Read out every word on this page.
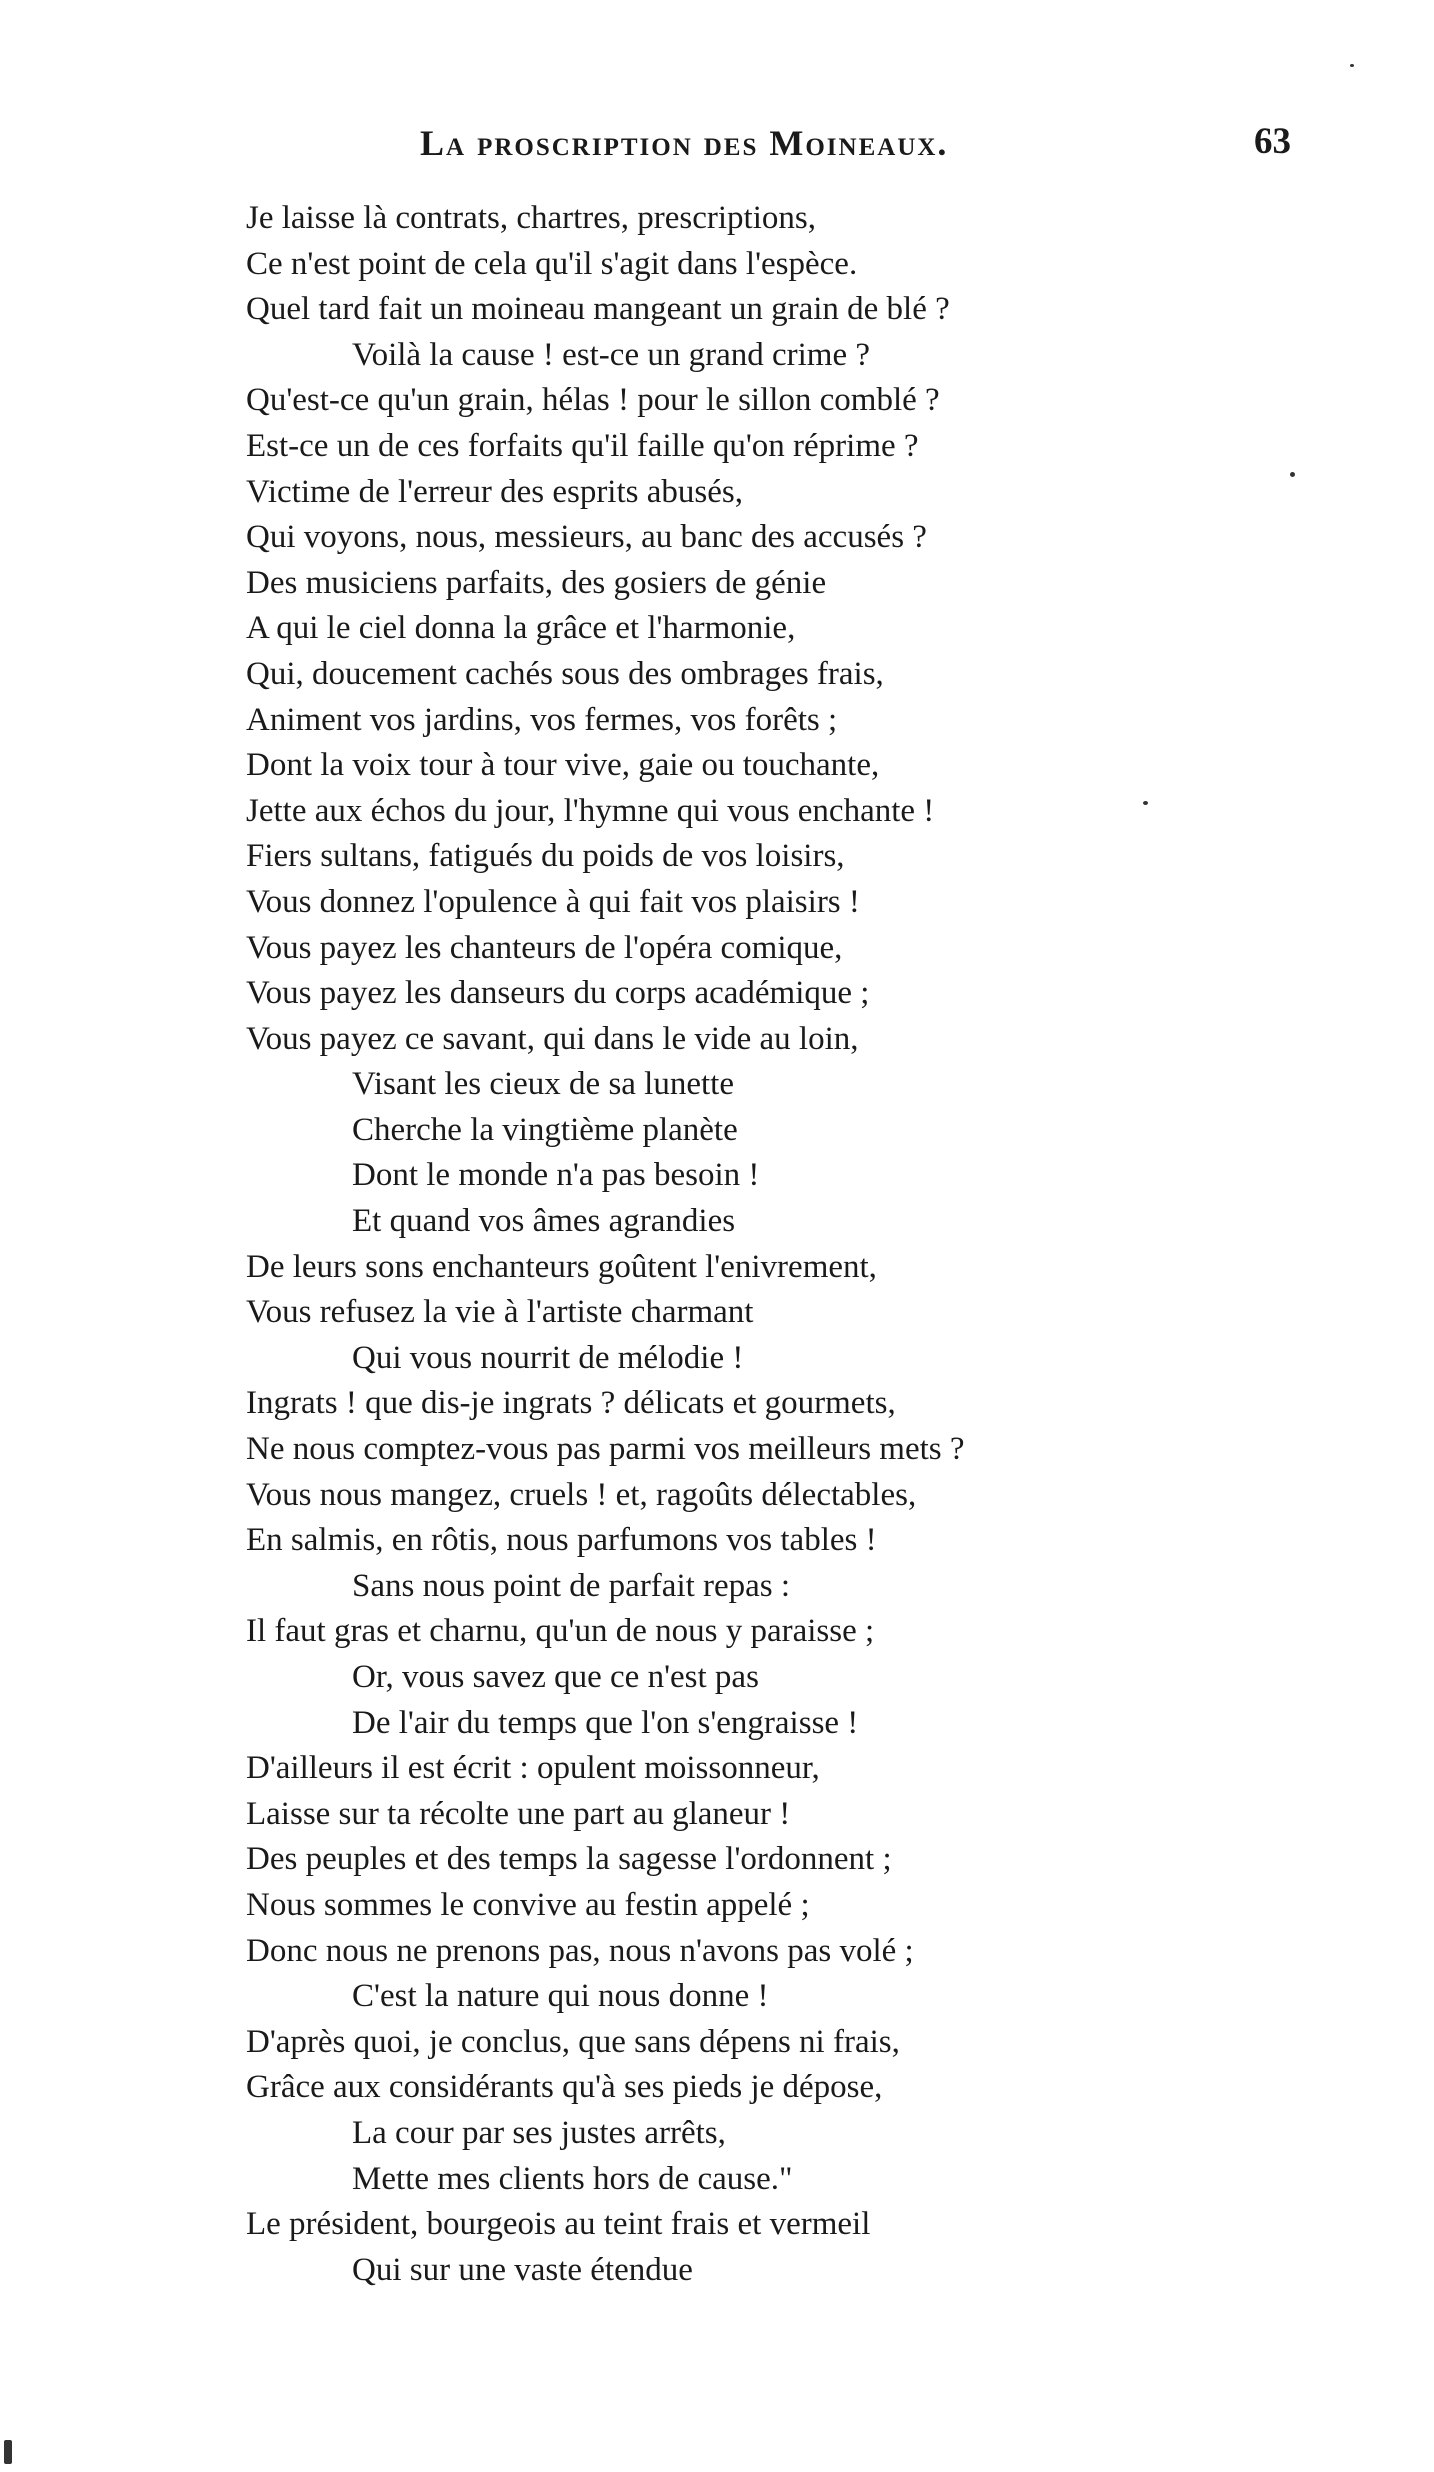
La proscription des Moineaux.	63
Je laisse là contrats, chartres, prescriptions,
Ce n'est point de cela qu'il s'agit dans l'espèce.
Quel tard fait un moineau mangeant un grain de blé ?
Voilà la cause ! est-ce un grand crime ?
Qu'est-ce qu'un grain, hélas ! pour le sillon comblé ?
Est-ce un de ces forfaits qu'il faille qu'on réprime ?
Victime de l'erreur des esprits abusés,
Qui voyons, nous, messieurs, au banc des accusés ?
Des musiciens parfaits, des gosiers de génie
A qui le ciel donna la grâce et l'harmonie,
Qui, doucement cachés sous des ombrages frais,
Animent vos jardins, vos fermes, vos forêts ;
Dont la voix tour à tour vive, gaie ou touchante,
Jette aux échos du jour, l'hymne qui vous enchante !
Fiers sultans, fatigués du poids de vos loisirs,
Vous donnez l'opulence à qui fait vos plaisirs !
Vous payez les chanteurs de l'opéra comique,
Vous payez les danseurs du corps académique ;
Vous payez ce savant, qui dans le vide au loin,
Visant les cieux de sa lunette
Cherche la vingtième planète
Dont le monde n'a pas besoin !
Et quand vos âmes agrandies
De leurs sons enchanteurs goûtent l'enivrement,
Vous refusez la vie à l'artiste charmant
Qui vous nourrit de mélodie !
Ingrats ! que dis-je ingrats ? délicats et gourmets,
Ne nous comptez-vous pas parmi vos meilleurs mets ?
Vous nous mangez, cruels ! et, ragoûts délectables,
En salmis, en rôtis, nous parfumons vos tables !
Sans nous point de parfait repas :
Il faut gras et charnu, qu'un de nous y paraisse ;
Or, vous savez que ce n'est pas
De l'air du temps que l'on s'engraisse !
D'ailleurs il est écrit : opulent moissonneur,
Laisse sur ta récolte une part au glaneur !
Des peuples et des temps la sagesse l'ordonnent ;
Nous sommes le convive au festin appelé ;
Donc nous ne prenons pas, nous n'avons pas volé ;
C'est la nature qui nous donne !
D'après quoi, je conclus, que sans dépens ni frais,
Grâce aux considérants qu'à ses pieds je dépose,
La cour par ses justes arrêts,
Mette mes clients hors de cause."
Le président, bourgeois au teint frais et vermeil
Qui sur une vaste étendue
